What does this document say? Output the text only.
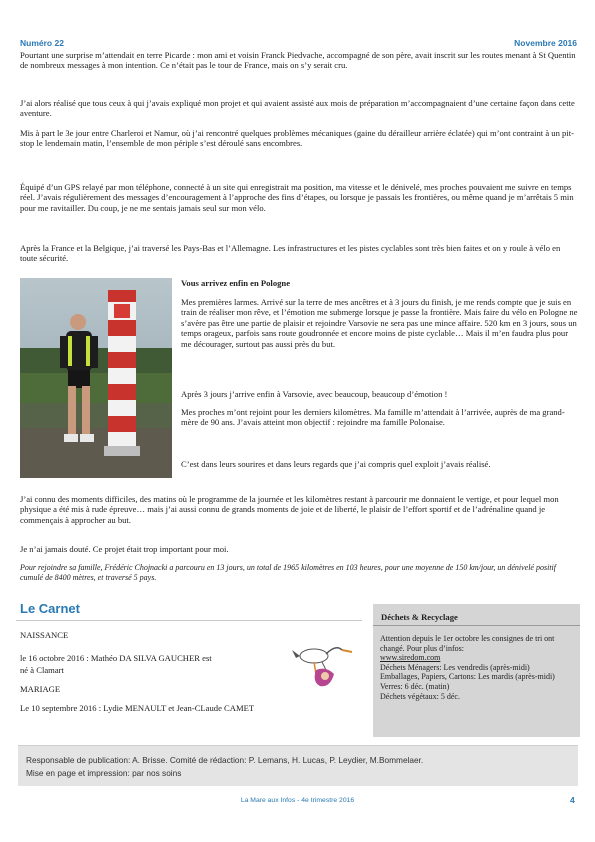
Numéro 22	Novembre 2016

Pourtant une surprise m’attendait en terre Picarde : mon ami et voisin Franck Piedvache, accompagné de son père, avait inscrit sur les routes menant à St Quentin de nombreux messages à mon intention. Ce n’était pas le tour de France, mais on s’y serait cru.

J’ai alors réalisé que tous ceux à qui j’avais expliqué mon projet et qui avaient assisté aux mois de préparation m’accompagnaient d’une certaine façon dans cette aventure.

Mis à part le 3e jour entre Charleroi et Namur, où j’ai rencontré quelques problèmes mécaniques (gaine du dérailleur arrière éclatée) qui m’ont contraint à un pit-stop le lendemain matin, l’ensemble de mon périple s’est déroulé sans encombres.

Équipé d’un GPS relayé par mon téléphone, connecté à un site qui enregistrait ma position, ma vitesse et le dénivelé, mes proches pouvaient me suivre en temps réel. J’avais régulièrement des messages d’encouragement à l’approche des fins d’étapes, ou lorsque je passais les frontières, ou même quand je m’arrêtais 5 min pour me ravitailler. Du coup, je ne me sentais jamais seul sur mon vélo.

Après la France et la Belgique, j’ai traversé les Pays-Bas et l’Allemagne. Les infrastructures et les pistes cyclables sont très bien faites et on y roule à vélo en toute sécurité.

Vous arrivez enfin en Pologne

Mes premières larmes. Arrivé sur la terre de mes ancêtres et à 3 jours du finish, je me rends compte que je suis en train de réaliser mon rêve, et l’émotion me submerge lorsque je passe la frontière. Mais faire du vélo en Pologne ne s’avère pas être une partie de plaisir et rejoindre Varsovie ne sera pas une mince affaire. 520 km en 3 jours, sous un temps orageux, parfois sans route goudronnée et encore moins de piste cyclable… Mais il m’en faudra plus pour me décourager, surtout pas aussi près du but.

Après 3 jours j’arrive enfin à Varsovie, avec beaucoup, beaucoup d’émotion !

Mes proches m’ont rejoint pour les derniers kilomètres. Ma famille m’attendait à l’arrivée, auprès de ma grand-mère de 90 ans. J’avais atteint mon objectif : rejoindre ma famille Polonaise.

C’est dans leurs sourires et dans leurs regards que j’ai compris quel exploit j’avais réalisé.

J’ai connu des moments difficiles, des matins où le programme de la journée et les kilomètres restant à parcourir me donnaient le vertige, et pour lequel mon physique a été mis à rude épreuve… mais j’ai aussi connu de grands moments de joie et de liberté, le plaisir de l’effort sportif et de l’adrénaline quand je commençais à approcher au but.

Je n’ai jamais douté. Ce projet était trop important pour moi.

Pour rejoindre sa famille, Frédéric Chojnacki a parcouru en 13 jours, un total de 1965 kilomètres en 103 heures, pour une moyenne de 150 km/jour, un dénivelé positif cumulé de 8400 mètres, et traversé 5 pays.

Le Carnet

NAISSANCE

le 16 octobre 2016 : Mathéo DA SILVA GAUCHER est

né à Clamart

MARIAGE

Le 10 septembre 2016 : Lydie MENAULT et Jean-CLaude CAMET

Déchets & Recyclage
Attention depuis le 1er octobre les consignes de tri ont changé. Pour plus d’infos:
www.siredom.com
Déchets Ménagers: Les vendredis (après-midi)
Emballages, Papiers, Cartons: Les mardis (après-midi)
Verres: 6 déc. (matin)
Déchets végétaux: 5 déc.
Responsable de publication: A. Brisse. Comité de rédaction: P. Lemans, H. Lucas, P. Leydier, M.Bommelaer.
Mise en page et impression: par nos soins
La Mare aux Infos - 4e trimestre 2016	4
